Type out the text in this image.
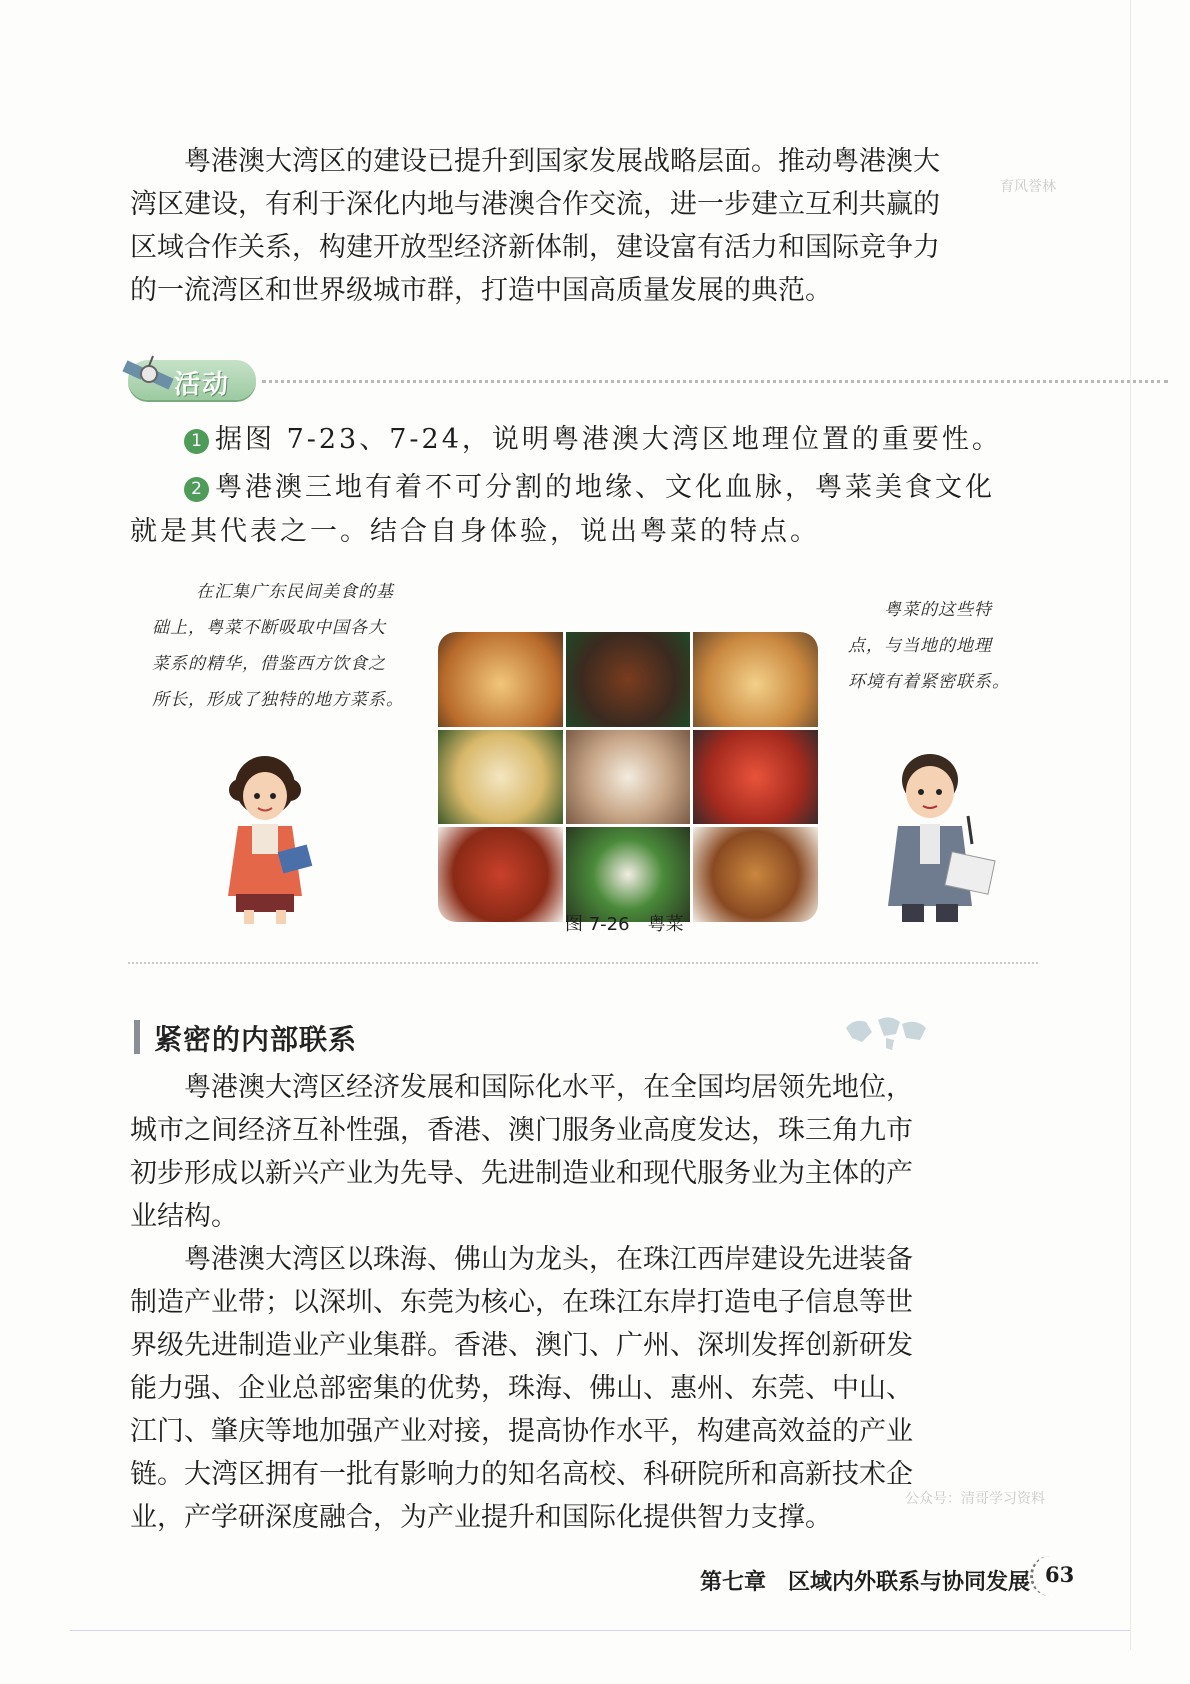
育风誉林

粤港澳大湾区的建设已提升到国家发展战略层面。推动粤港澳大湾区建设，有利于深化内地与港澳合作交流，进一步建立互利共赢的区域合作关系，构建开放型经济新体制，建设富有活力和国际竞争力的一流湾区和世界级城市群，打造中国高质量发展的典范。

活动
1 据图 7-23、7-24，说明粤港澳大湾区地理位置的重要性。
2 粤港澳三地有着不可分割的地缘、文化血脉，粤菜美食文化就是其代表之一。结合自身体验，说出粤菜的特点。
在汇集广东民间美食的基
础上，粤菜不断吸取中国各大
菜系的精华，借鉴西方饮食之
所长，形成了独特的地方菜系。
粤菜的这些特
点，与当地的地理
环境有着紧密联系。
图 7-26　粤菜
紧密的内部联系

粤港澳大湾区经济发展和国际化水平，在全国均居领先地位，城市之间经济互补性强，香港、澳门服务业高度发达，珠三角九市初步形成以新兴产业为先导、先进制造业和现代服务业为主体的产业结构。

粤港澳大湾区以珠海、佛山为龙头，在珠江西岸建设先进装备制造产业带；以深圳、东莞为核心，在珠江东岸打造电子信息等世界级先进制造业产业集群。香港、澳门、广州、深圳发挥创新研发能力强、企业总部密集的优势，珠海、佛山、惠州、东莞、中山、江门、肇庆等地加强产业对接，提高协作水平，构建高效益的产业链。大湾区拥有一批有影响力的知名高校、科研院所和高新技术企业，产学研深度融合，为产业提升和国际化提供智力支撑。

公众号：清哥学习资料
第七章　区域内外联系与协同发展 63
